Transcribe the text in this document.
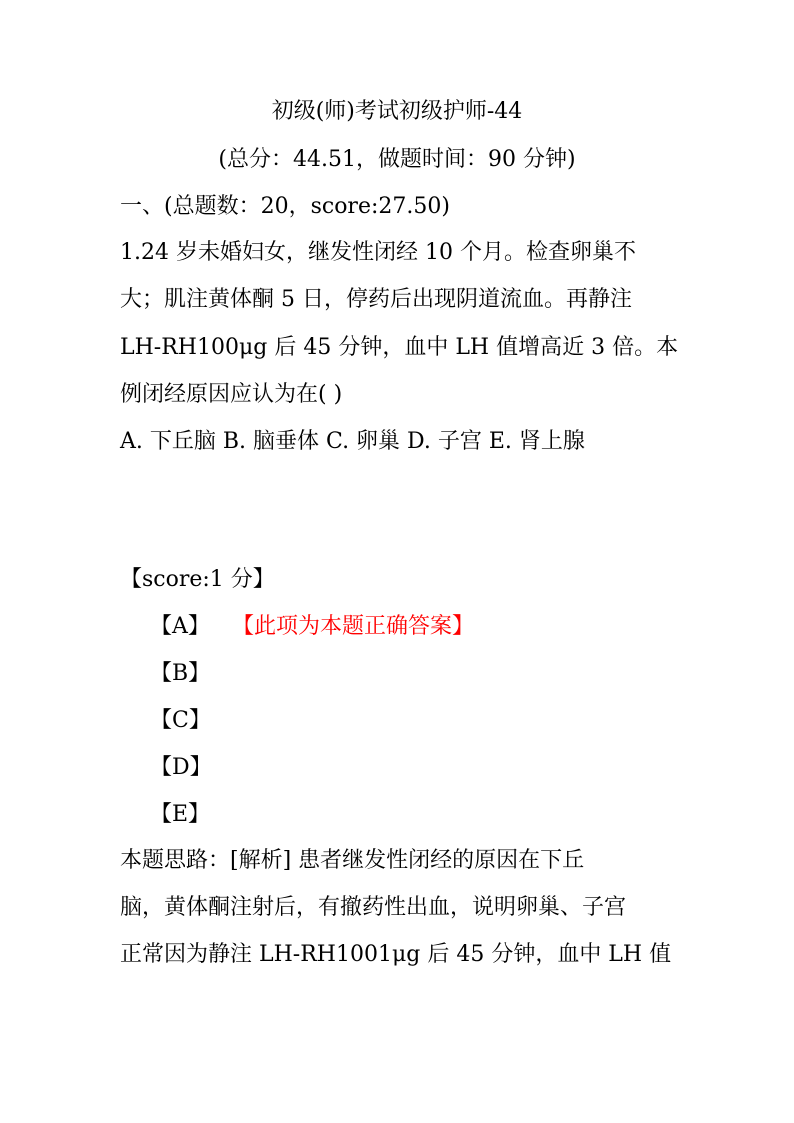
初级(师)考试初级护师-44

(总分：44.51，做题时间：90 分钟)

一、(总题数：20，score:27.50)

1.24 岁未婚妇女，继发性闭经 10 个月。检查卵巢不

大；肌注黄体酮 5 日，停药后出现阴道流血。再静注

LH-RH100μg 后 45 分钟，血中 LH 值增高近 3 倍。本

例闭经原因应认为在( )

A. 下丘脑 B. 脑垂体 C. 卵巢 D. 子宫 E. 肾上腺

【score:1 分】

【A】 【此项为本题正确答案】

【B】

【C】

【D】

【E】

本题思路：[解析] 患者继发性闭经的原因在下丘

脑，黄体酮注射后，有撤药性出血，说明卵巢、子宫

正常因为静注 LH-RH1001μg 后 45 分钟，血中 LH 值
